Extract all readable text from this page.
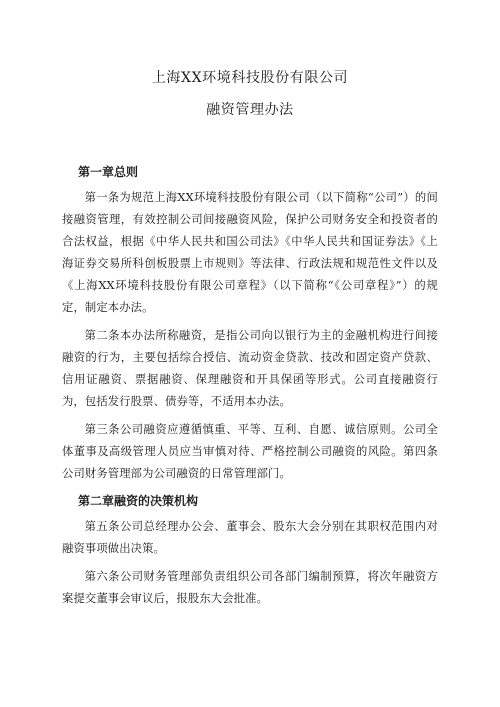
上海XX环境科技股份有限公司

融资管理办法

第一章总则

第一条为规范上海XX环境科技股份有限公司（以下简称“公司”）的间接融资管理，有效控制公司间接融资风险，保护公司财务安全和投资者的合法权益，根据《中华人民共和国公司法》《中华人民共和国证券法》《上海证券交易所科创板股票上市规则》等法律、行政法规和规范性文件以及《上海XX环境科技股份有限公司章程》（以下简称“《公司章程》”）的规定，制定本办法。

第二条本办法所称融资，是指公司向以银行为主的金融机构进行间接融资的行为，主要包括综合授信、流动资金贷款、技改和固定资产贷款、信用证融资、票据融资、保理融资和开具保函等形式。公司直接融资行为，包括发行股票、债券等，不适用本办法。

第三条公司融资应遵循慎重、平等、互利、自愿、诚信原则。公司全体董事及高级管理人员应当审慎对待、严格控制公司融资的风险。第四条公司财务管理部为公司融资的日常管理部门。

第二章融资的决策机构

第五条公司总经理办公会、董事会、股东大会分别在其职权范围内对融资事项做出决策。

第六条公司财务管理部负责组织公司各部门编制预算，将次年融资方案提交董事会审议后，报股东大会批准。
